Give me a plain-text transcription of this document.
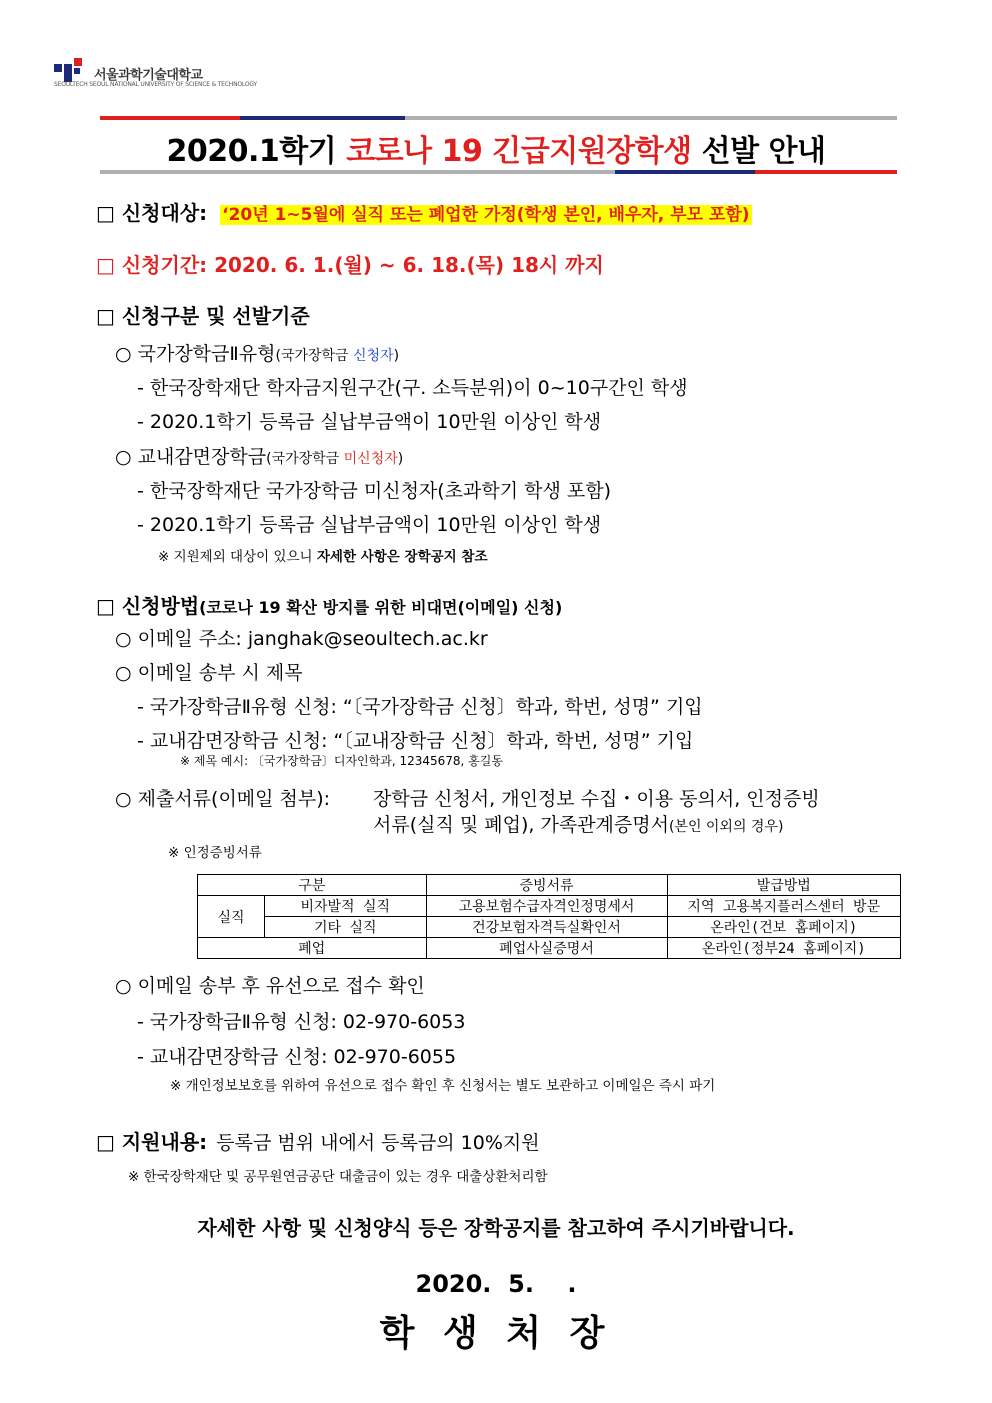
서울과학기술대학교
SEOULTECH SEOUL NATIONAL UNIVERSITY OF SCIENCE & TECHNOLOGY
2020.1학기 코로나 19 긴급지원장학생 선발 안내
□ 신청대상: ‘20년 1~5월에 실직 또는 폐업한 가정(학생 본인, 배우자, 부모 포함)
□ 신청기간: 2020. 6. 1.(월) ~ 6. 18.(목) 18시 까지
□ 신청구분 및 선발기준
○ 국가장학금Ⅱ유형(국가장학금 신청자)
- 한국장학재단 학자금지원구간(구. 소득분위)이 0~10구간인 학생
- 2020.1학기 등록금 실납부금액이 10만원 이상인 학생
○ 교내감면장학금(국가장학금 미신청자)
- 한국장학재단 국가장학금 미신청자(초과학기 학생 포함)
- 2020.1학기 등록금 실납부금액이 10만원 이상인 학생
※ 지원제외 대상이 있으니 자세한 사항은 장학공지 참조
□ 신청방법(코로나 19 확산 방지를 위한 비대면(이메일) 신청)
○ 이메일 주소: janghak@seoultech.ac.kr
○ 이메일 송부 시 제목
- 국가장학금Ⅱ유형 신청: “〔국가장학금 신청〕학과, 학번, 성명” 기입
- 교내감면장학금 신청: “〔교내장학금 신청〕학과, 학번, 성명” 기입
※ 제목 예시: 〔국가장학금〕디자인학과, 12345678, 홍길동
○ 제출서류(이메일 첨부): 장학금 신청서, 개인정보 수집・이용 동의서, 인정증빙
서류(실직 및 폐업), 가족관계증명서(본인 이외의 경우)
※ 인정증빙서류
구분		증빙서류	발급방법
실직	비자발적 실직	고용보험수급자격인정명세서	지역 고용복지플러스센터 방문
	기타 실직	건강보험자격득실확인서	온라인(건보 홈페이지)
폐업		폐업사실증명서	온라인(정부24 홈페이지)
○ 이메일 송부 후 유선으로 접수 확인
- 국가장학금Ⅱ유형 신청: 02-970-6053
- 교내감면장학금 신청: 02-970-6055
※ 개인정보보호를 위하여 유선으로 접수 확인 후 신청서는 별도 보관하고 이메일은 즉시 파기
□ 지원내용: 등록금 범위 내에서 등록금의 10%지원
※ 한국장학재단 및 공무원연금공단 대출금이 있는 경우 대출상환처리함
자세한 사항 및 신청양식 등은 장학공지를 참고하여 주시기바랍니다.
2020.  5.    .
학 생 처 장
